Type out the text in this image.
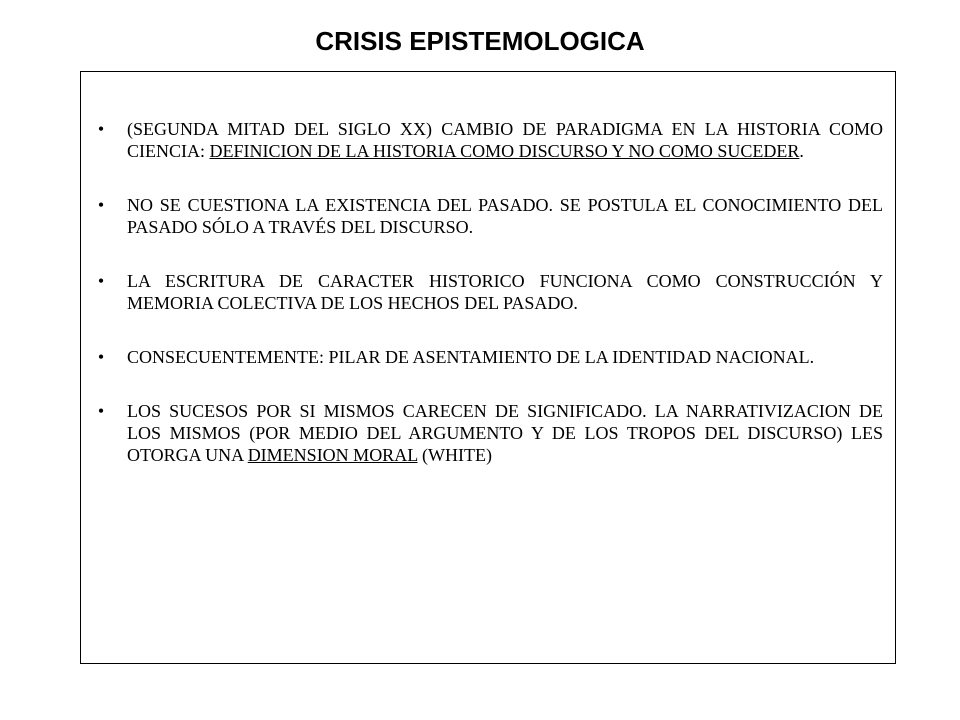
CRISIS EPISTEMOLOGICA
•	(SEGUNDA MITAD DEL SIGLO XX) CAMBIO DE PARADIGMA EN LA HISTORIA COMO CIENCIA: DEFINICION DE LA HISTORIA COMO DISCURSO Y NO COMO SUCEDER.
•	NO SE CUESTIONA LA EXISTENCIA DEL PASADO. SE POSTULA EL CONOCIMIENTO DEL PASADO SÓLO A TRAVÉS DEL DISCURSO.
•	LA ESCRITURA DE CARACTER HISTORICO FUNCIONA COMO CONSTRUCCIÓN Y MEMORIA COLECTIVA DE LOS HECHOS DEL PASADO.
•	CONSECUENTEMENTE: PILAR DE ASENTAMIENTO DE LA IDENTIDAD NACIONAL.
•	LOS SUCESOS POR SI MISMOS CARECEN DE SIGNIFICADO. LA NARRATIVIZACION DE LOS MISMOS (POR MEDIO DEL ARGUMENTO Y DE LOS TROPOS DEL DISCURSO) LES OTORGA UNA DIMENSION MORAL (WHITE)
